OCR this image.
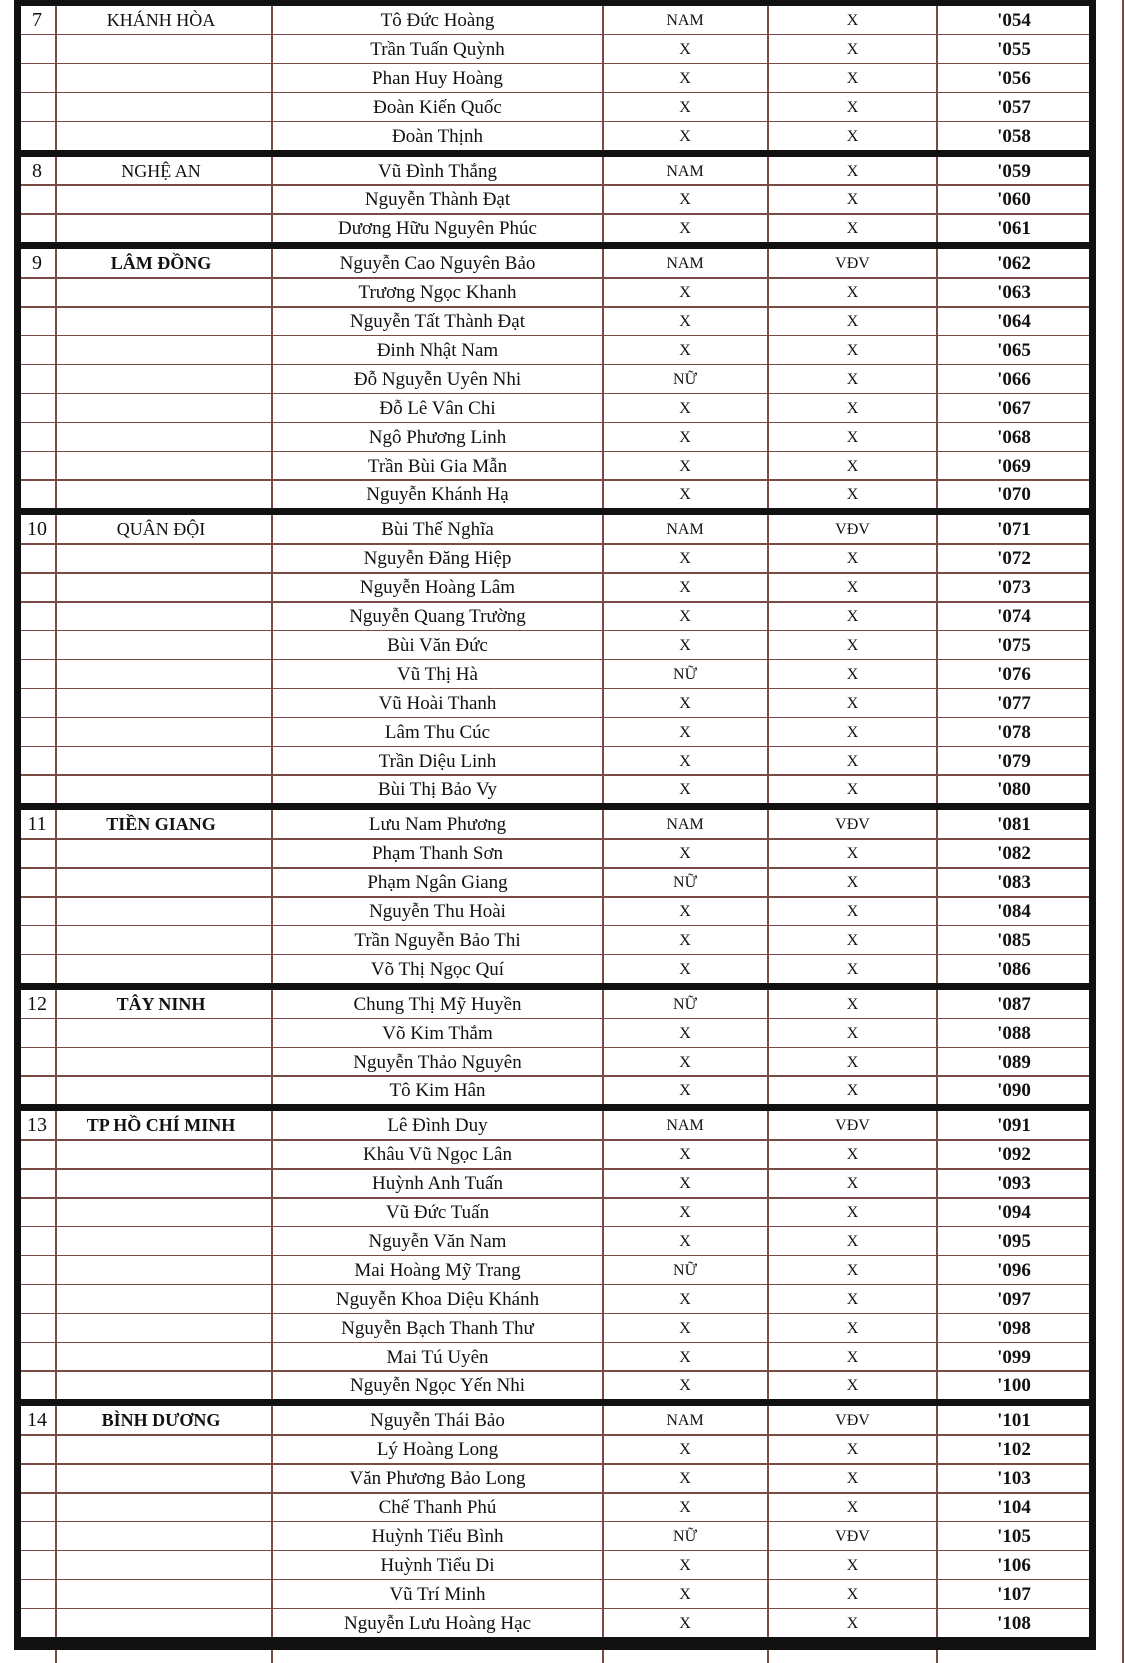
7	KHÁNH HÒA	Tô Đức Hoàng	NAM	X	'054
Trần Tuấn Quỳnh	X	X	'055
Phan Huy Hoàng	X	X	'056
Đoàn Kiến Quốc	X	X	'057
Đoàn Thịnh	X	X	'058
8	NGHỆ AN	Vũ Đình Thắng	NAM	X	'059
Nguyễn Thành Đạt	X	X	'060
Dương Hữu Nguyên Phúc	X	X	'061
9	LÂM ĐỒNG	Nguyễn Cao Nguyên Bảo	NAM	VĐV	'062
Trương Ngọc Khanh	X	X	'063
Nguyễn Tất Thành Đạt	X	X	'064
Đinh Nhật Nam	X	X	'065
Đỗ Nguyễn Uyên Nhi	NỮ	X	'066
Đỗ Lê Vân Chi	X	X	'067
Ngô Phương Linh	X	X	'068
Trần Bùi Gia Mẫn	X	X	'069
Nguyễn Khánh Hạ	X	X	'070
10	QUÂN ĐỘI	Bùi Thế Nghĩa	NAM	VĐV	'071
Nguyễn Đăng Hiệp	X	X	'072
Nguyễn Hoàng Lâm	X	X	'073
Nguyễn Quang Trường	X	X	'074
Bùi Văn Đức	X	X	'075
Vũ Thị Hà	NỮ	X	'076
Vũ Hoài Thanh	X	X	'077
Lâm Thu Cúc	X	X	'078
Trần Diệu Linh	X	X	'079
Bùi Thị Bảo Vy	X	X	'080
11	TIỀN GIANG	Lưu Nam Phương	NAM	VĐV	'081
Phạm Thanh Sơn	X	X	'082
Phạm Ngân Giang	NỮ	X	'083
Nguyễn Thu Hoài	X	X	'084
Trần Nguyễn Bảo Thi	X	X	'085
Võ Thị Ngọc Quí	X	X	'086
12	TÂY NINH	Chung Thị Mỹ Huyền	NỮ	X	'087
Võ Kim Thắm	X	X	'088
Nguyễn Thảo Nguyên	X	X	'089
Tô Kim Hân	X	X	'090
13	TP HỒ CHÍ MINH	Lê Đình Duy	NAM	VĐV	'091
Khâu Vũ Ngọc Lân	X	X	'092
Huỳnh Anh Tuấn	X	X	'093
Vũ Đức Tuấn	X	X	'094
Nguyễn Văn Nam	X	X	'095
Mai Hoàng Mỹ Trang	NỮ	X	'096
Nguyễn Khoa Diệu Khánh	X	X	'097
Nguyễn Bạch Thanh Thư	X	X	'098
Mai Tú Uyên	X	X	'099
Nguyễn Ngọc Yến Nhi	X	X	'100
14	BÌNH DƯƠNG	Nguyễn Thái Bảo	NAM	VĐV	'101
Lý Hoàng Long	X	X	'102
Văn Phương Bảo Long	X	X	'103
Chế Thanh Phú	X	X	'104
Huỳnh Tiểu Bình	NỮ	VĐV	'105
Huỳnh Tiểu Di	X	X	'106
Vũ Trí Minh	X	X	'107
Nguyễn Lưu Hoàng Hạc	X	X	'108
